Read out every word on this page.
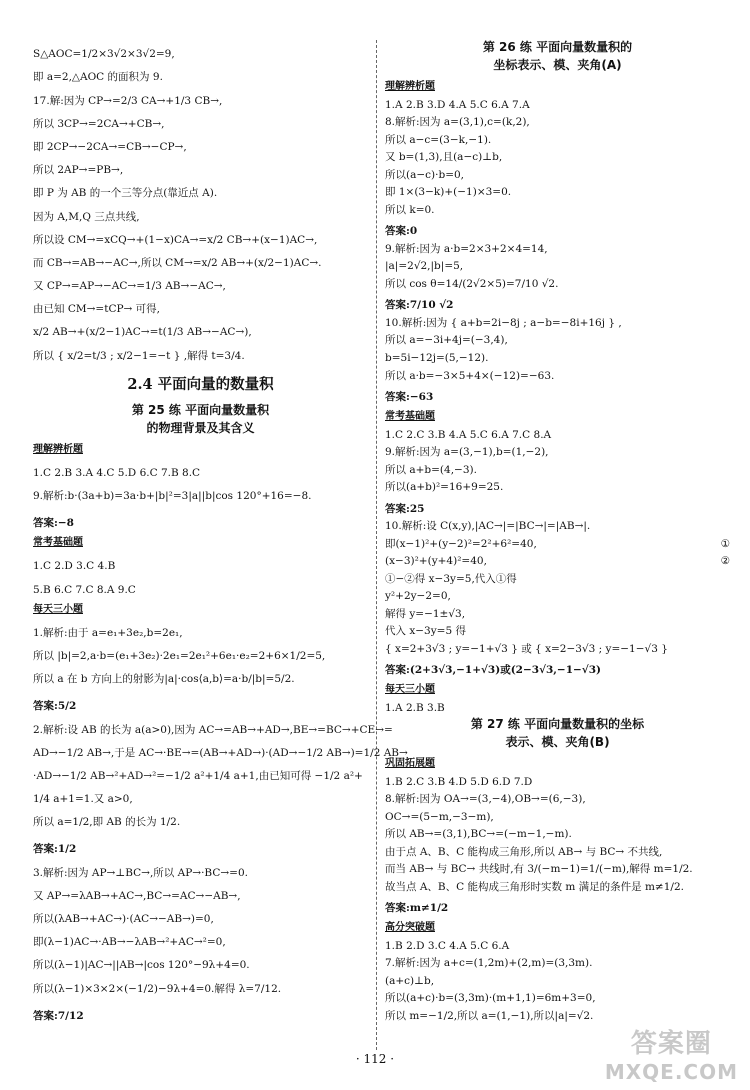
S△AOC=1/2×3√2×3√2=9,
即 a=2,△AOC 的面积为 9.
17.解:因为 CP→=2/3 CA→+1/3 CB→,
所以 3CP→=2CA→+CB→,
即 2CP→−2CA→=CB→−CP→,
所以 2AP→=PB→,
即 P 为 AB 的一个三等分点(靠近点 A).
因为 A,M,Q 三点共线,
所以设 CM→=xCQ→+(1−x)CA→=x/2 CB→+(x−1)AC→,
而 CB→=AB→−AC→,所以 CM→=x/2 AB→+(x/2−1)AC→.
又 CP→=AP→−AC→=1/3 AB→−AC→,
由已知 CM→=tCP→ 可得,
x/2 AB→+(x/2−1)AC→=t(1/3 AB→−AC→),
所以 { x/2=t/3 ; x/2−1=−t } ,解得 t=3/4.
2.4 平面向量的数量积
第 25 练 平面向量数量积
的物理背景及其含义
理解辨析题
1.C 2.B 3.A 4.C 5.D 6.C 7.B 8.C
9.解析:b·(3a+b)=3a·b+|b|²=3|a||b|cos 120°+16=−8.
答案:−8
常考基础题
1.C 2.D 3.C 4.B
5.B 6.C 7.C 8.A 9.C
每天三小题
1.解析:由于 a=e₁+3e₂,b=2e₁,
所以 |b|=2,a·b=(e₁+3e₂)·2e₁=2e₁²+6e₁·e₂=2+6×1/2=5,
所以 a 在 b 方向上的射影为|a|·cos⟨a,b⟩=a·b/|b|=5/2.
答案:5/2
2.解析:设 AB 的长为 a(a>0),因为 AC→=AB→+AD→,BE→=BC→+CE→=
AD→−1/2 AB→,于是 AC→·BE→=(AB→+AD→)·(AD→−1/2 AB→)=1/2 AB→
·AD→−1/2 AB→²+AD→²=−1/2 a²+1/4 a+1,由已知可得 −1/2 a²+
1/4 a+1=1.又 a>0,
所以 a=1/2,即 AB 的长为 1/2.
答案:1/2
3.解析:因为 AP→⊥BC→,所以 AP→·BC→=0.
又 AP→=λAB→+AC→,BC→=AC→−AB→,
所以(λAB→+AC→)·(AC→−AB→)=0,
即(λ−1)AC→·AB→−λAB→²+AC→²=0,
所以(λ−1)|AC→||AB→|cos 120°−9λ+4=0.
所以(λ−1)×3×2×(−1/2)−9λ+4=0.解得 λ=7/12.
答案:7/12
第 26 练 平面向量数量积的
坐标表示、模、夹角(A)
理解辨析题
1.A 2.B 3.D 4.A 5.C 6.A 7.A
8.解析:因为 a=(3,1),c=(k,2),
所以 a−c=(3−k,−1).
又 b=(1,3),且(a−c)⊥b,
所以(a−c)·b=0,
即 1×(3−k)+(−1)×3=0.
所以 k=0.
答案:0
9.解析:因为 a·b=2×3+2×4=14,
|a|=2√2,|b|=5,
所以 cos θ=14/(2√2×5)=7/10 √2.
答案:7/10 √2
10.解析:因为 { a+b=2i−8j ; a−b=−8i+16j } ,
所以 a=−3i+4j=(−3,4),
b=5i−12j=(5,−12).
所以 a·b=−3×5+4×(−12)=−63.
答案:−63
常考基础题
1.C 2.C 3.B 4.A 5.C 6.A 7.C 8.A
9.解析:因为 a=(3,−1),b=(1,−2),
所以 a+b=(4,−3).
所以(a+b)²=16+9=25.
答案:25
10.解析:设 C(x,y),|AC→|=|BC→|=|AB→|.
即(x−1)²+(y−2)²=2²+6²=40,	①
(x−3)²+(y+4)²=40,	②
①−②得 x−3y=5,代入①得
y²+2y−2=0,
解得 y=−1±√3,
代入 x−3y=5 得
{ x=2+3√3 ; y=−1+√3 } 或 { x=2−3√3 ; y=−1−√3 }
答案:(2+3√3,−1+√3)或(2−3√3,−1−√3)
每天三小题
1.A 2.B 3.B
第 27 练 平面向量数量积的坐标
表示、模、夹角(B)
巩固拓展题
1.B 2.C 3.B 4.D 5.D 6.D 7.D
8.解析:因为 OA→=(3,−4),OB→=(6,−3),
OC→=(5−m,−3−m),
所以 AB→=(3,1),BC→=(−m−1,−m).
由于点 A、B、C 能构成三角形,所以 AB→ 与 BC→ 不共线,
而当 AB→ 与 BC→ 共线时,有 3/(−m−1)=1/(−m),解得 m=1/2.
故当点 A、B、C 能构成三角形时实数 m 满足的条件是 m≠1/2.
答案:m≠1/2
高分突破题
1.B 2.D 3.C 4.A 5.C 6.A
7.解析:因为 a+c=(1,2m)+(2,m)=(3,3m).
(a+c)⊥b,
所以(a+c)·b=(3,3m)·(m+1,1)=6m+3=0,
所以 m=−1/2,所以 a=(1,−1),所以|a|=√2.
· 112 ·	答案圈
MXQE.COM
